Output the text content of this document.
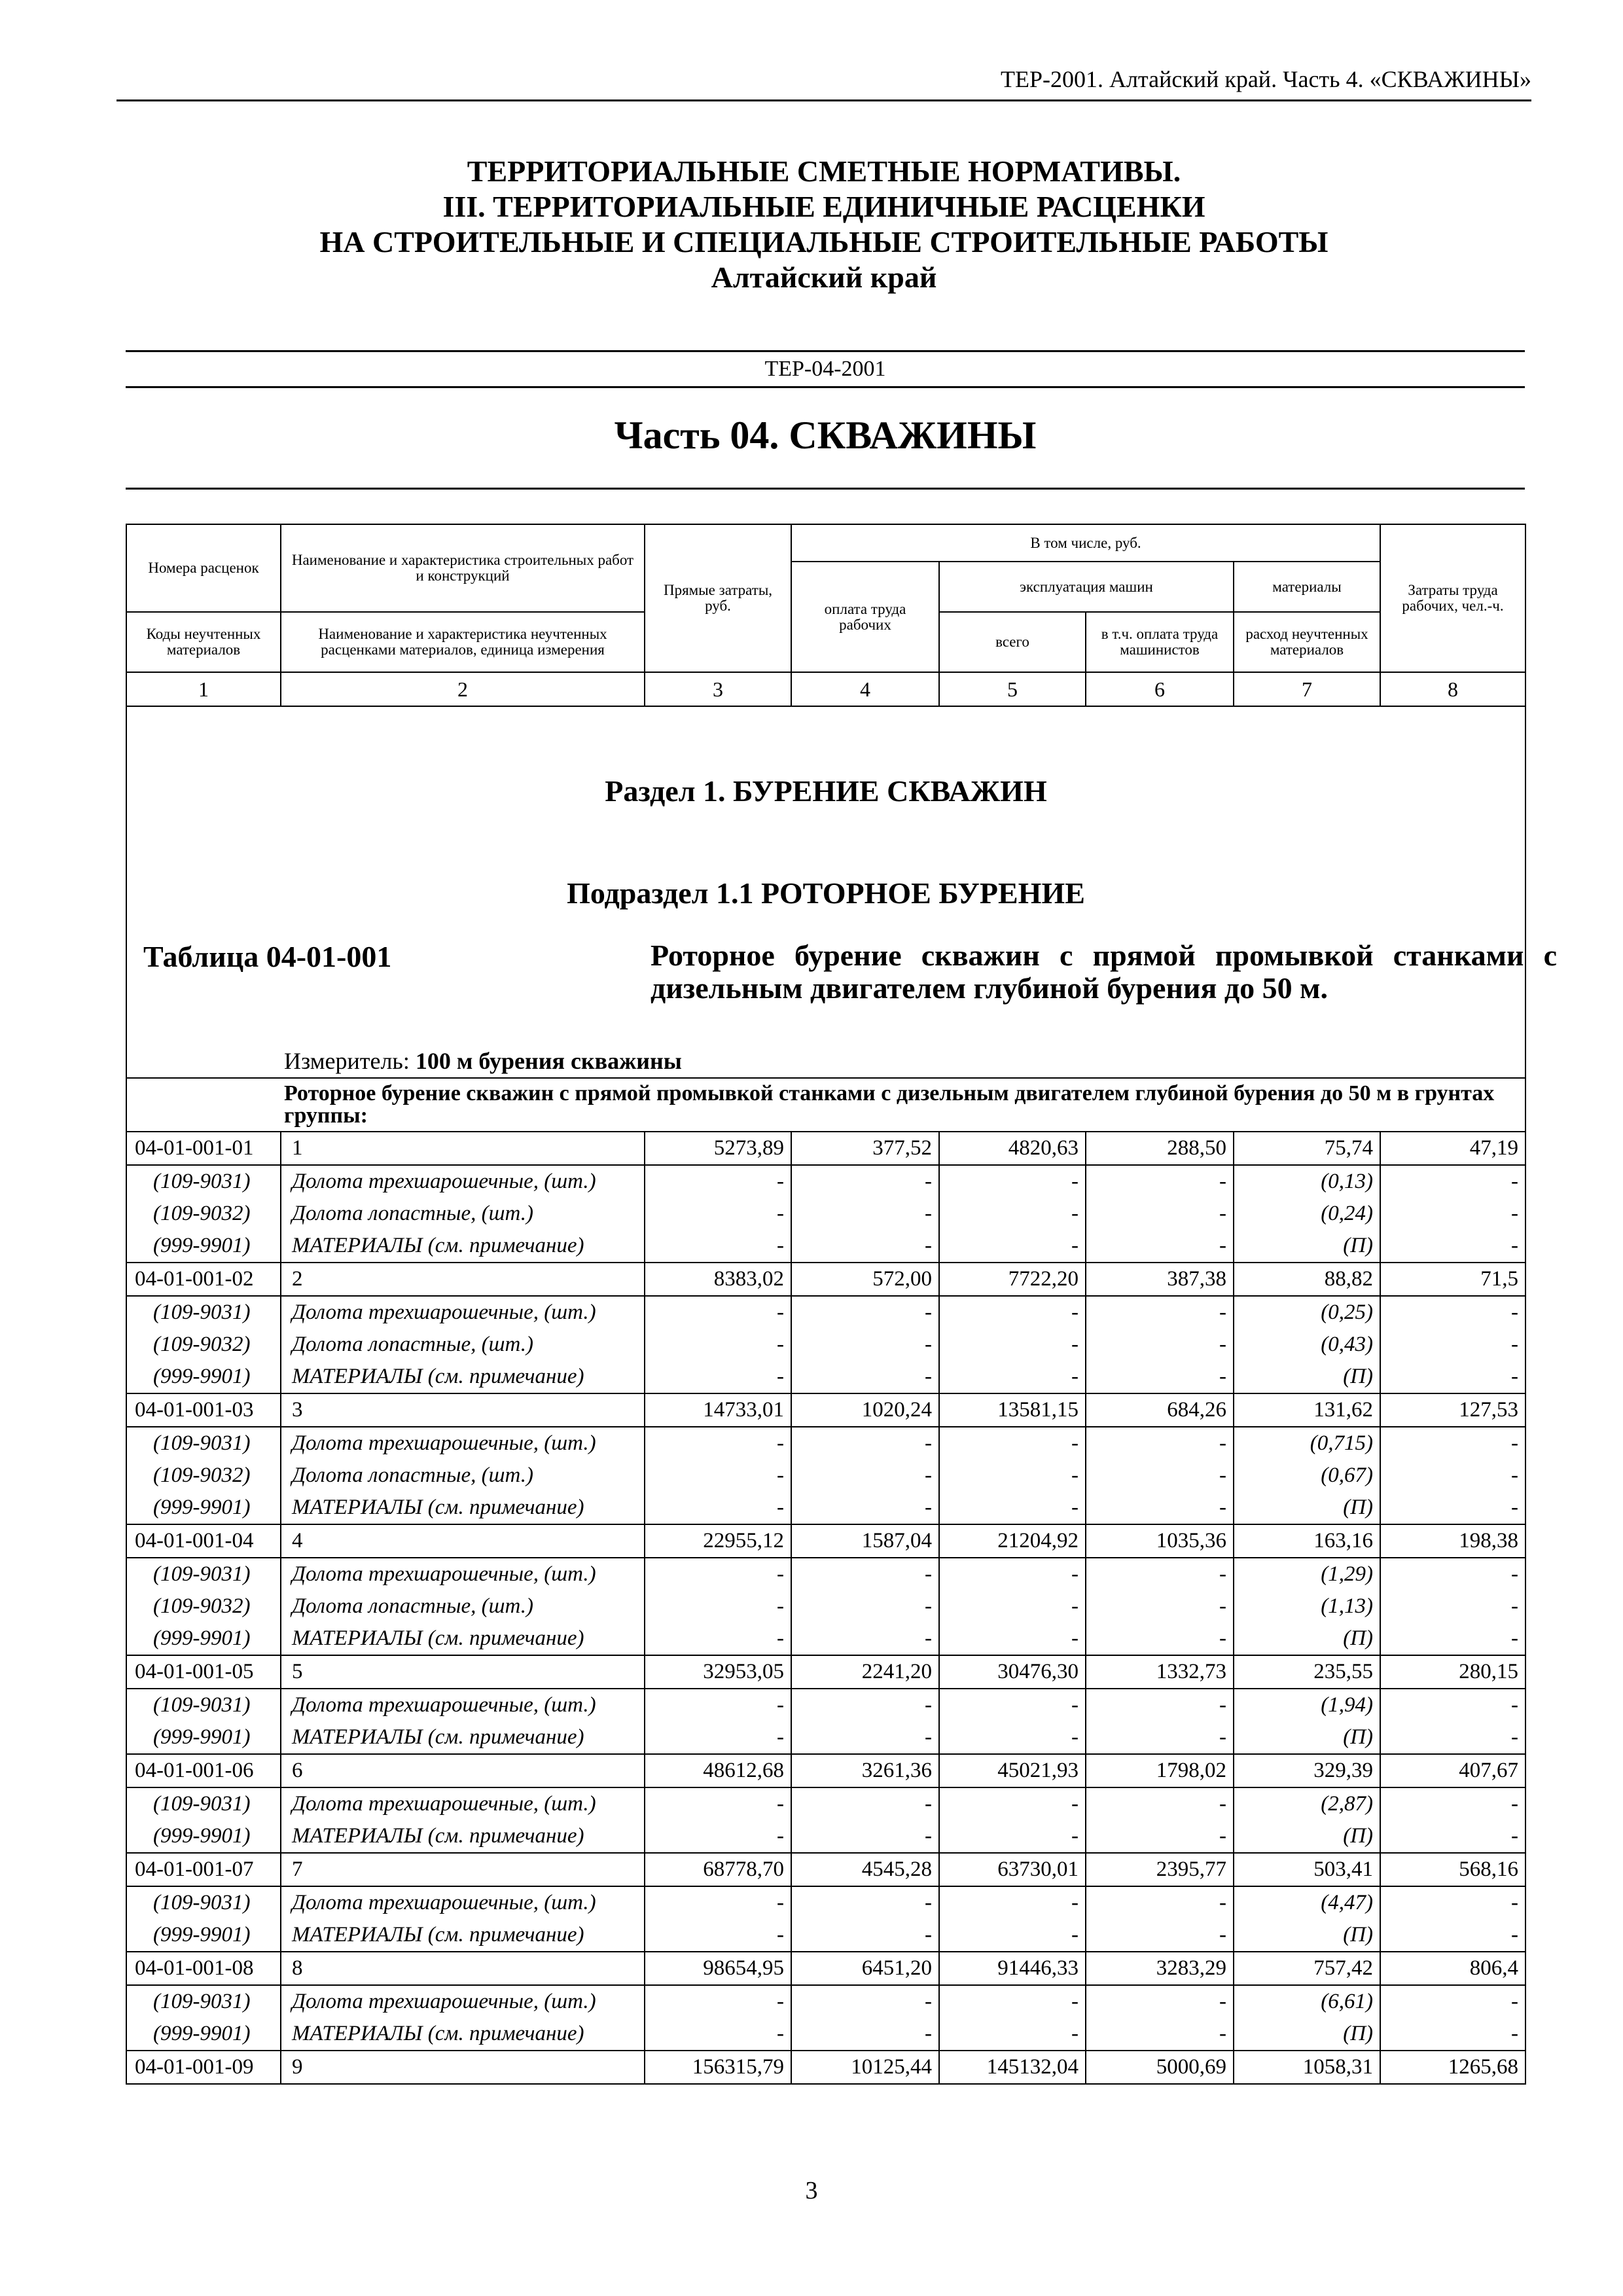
ТЕР-2001. Алтайский край. Часть 4. «СКВАЖИНЫ»
ТЕРРИТОРИАЛЬНЫЕ СМЕТНЫЕ НОРМАТИВЫ.
III. ТЕРРИТОРИАЛЬНЫЕ ЕДИНИЧНЫЕ РАСЦЕНКИ
НА СТРОИТЕЛЬНЫЕ И СПЕЦИАЛЬНЫЕ СТРОИТЕЛЬНЫЕ РАБОТЫ
Алтайский край
ТЕР-04-2001
Часть 04. СКВАЖИНЫ
Номера расценок	Наименование и характеристика строительных работ и конструкций	Прямые затраты, руб.	В том числе, руб.				Затраты труда рабочих, чел.-ч.
			оплата труда рабочих	эксплуатация машин		материалы	
Коды неучтенных материалов	Наименование и характеристика неучтенных расценками материалов, единица измерения			всего	в т.ч. оплата труда машинистов	расход неучтенных материалов	
1	2	3	4	5	6	7	8

Раздел 1. БУРЕНИЕ СКВАЖИН
Подраздел 1.1 РОТОРНОЕ БУРЕНИЕ
Таблица 04-01-001 Роторное бурение скважин с прямой промывкой станками с дизельным двигателем глубиной бурения до 50 м.
Измеритель: 100 м бурения скважины							

Роторное бурение скважин с прямой промывкой станками с дизельным двигателем глубиной бурения до 50 м в грунтах группы:							
04-01-001-01	1	5273,89	377,52	4820,63	288,50	75,74	47,19
(109-9031)	Долота трехшарошечные, (шт.)	-	-	-	-	(0,13)	-
(109-9032)	Долота лопастные, (шт.)	-	-	-	-	(0,24)	-
(999-9901)	МАТЕРИАЛЫ (см. примечание)	-	-	-	-	(П)	-
04-01-001-02	2	8383,02	572,00	7722,20	387,38	88,82	71,5
(109-9031)	Долота трехшарошечные, (шт.)	-	-	-	-	(0,25)	-
(109-9032)	Долота лопастные, (шт.)	-	-	-	-	(0,43)	-
(999-9901)	МАТЕРИАЛЫ (см. примечание)	-	-	-	-	(П)	-
04-01-001-03	3	14733,01	1020,24	13581,15	684,26	131,62	127,53
(109-9031)	Долота трехшарошечные, (шт.)	-	-	-	-	(0,715)	-
(109-9032)	Долота лопастные, (шт.)	-	-	-	-	(0,67)	-
(999-9901)	МАТЕРИАЛЫ (см. примечание)	-	-	-	-	(П)	-
04-01-001-04	4	22955,12	1587,04	21204,92	1035,36	163,16	198,38
(109-9031)	Долота трехшарошечные, (шт.)	-	-	-	-	(1,29)	-
(109-9032)	Долота лопастные, (шт.)	-	-	-	-	(1,13)	-
(999-9901)	МАТЕРИАЛЫ (см. примечание)	-	-	-	-	(П)	-
04-01-001-05	5	32953,05	2241,20	30476,30	1332,73	235,55	280,15
(109-9031)	Долота трехшарошечные, (шт.)	-	-	-	-	(1,94)	-
(999-9901)	МАТЕРИАЛЫ (см. примечание)	-	-	-	-	(П)	-
04-01-001-06	6	48612,68	3261,36	45021,93	1798,02	329,39	407,67
(109-9031)	Долота трехшарошечные, (шт.)	-	-	-	-	(2,87)	-
(999-9901)	МАТЕРИАЛЫ (см. примечание)	-	-	-	-	(П)	-
04-01-001-07	7	68778,70	4545,28	63730,01	2395,77	503,41	568,16
(109-9031)	Долота трехшарошечные, (шт.)	-	-	-	-	(4,47)	-
(999-9901)	МАТЕРИАЛЫ (см. примечание)	-	-	-	-	(П)	-
04-01-001-08	8	98654,95	6451,20	91446,33	3283,29	757,42	806,4
(109-9031)	Долота трехшарошечные, (шт.)	-	-	-	-	(6,61)	-
(999-9901)	МАТЕРИАЛЫ (см. примечание)	-	-	-	-	(П)	-
04-01-001-09	9	156315,79	10125,44	145132,04	5000,69	1058,31	1265,68
3
